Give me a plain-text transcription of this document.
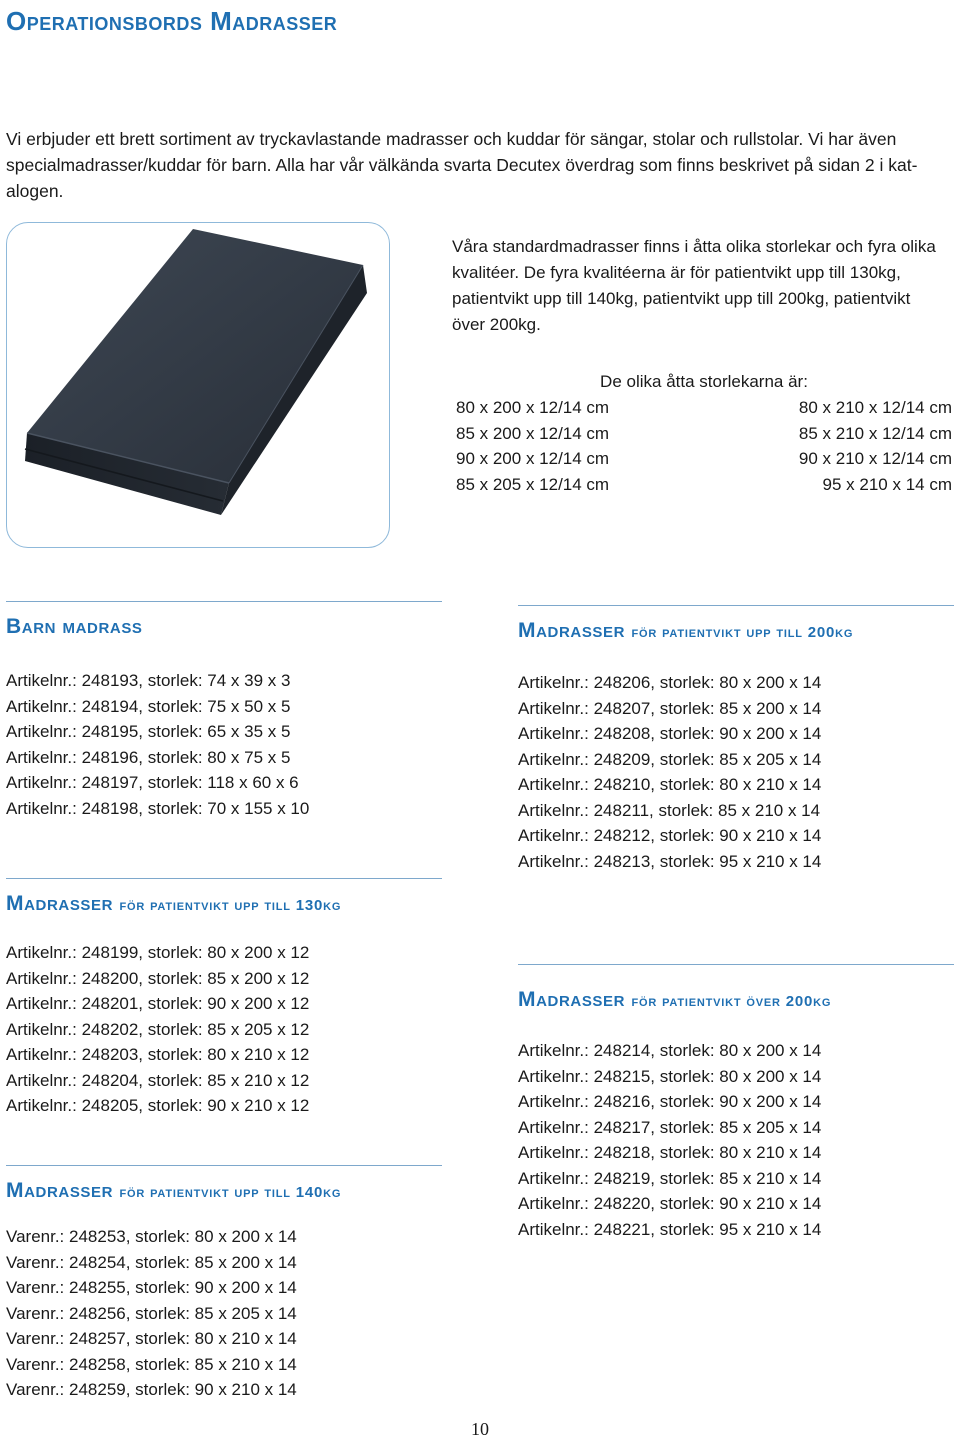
Operationsbords Madrasser

Vi erbjuder ett brett sortiment av tryckavlastande madrasser och kuddar för sängar, stolar och rullstolar. Vi har även specialmadrasser/kuddar för barn. Alla har vår välkända svarta Decutex överdrag som finns beskrivet på sidan 2 i kat-alogen.

Våra standardmadrasser finns i åtta olika storlekar och fyra olika kvalitéer. De fyra kvalitéerna är för patientvikt upp till 130kg, patientvikt upp till 140kg, patientvikt upp till 200kg, patientvikt över 200kg.

De olika åtta storlekarna är:

80 x 200 x 12/14 cm	80 x 210 x 12/14 cm
85 x 200 x 12/14 cm	85 x 210 x 12/14 cm
90 x 200 x 12/14 cm	90 x 210 x 12/14 cm
85 x 205 x 12/14 cm	95 x 210 x 14 cm
Barn madrass
Artikelnr.: 248193, storlek: 74 x 39 x 3
Artikelnr.: 248194, storlek: 75 x 50 x 5
Artikelnr.: 248195, storlek: 65 x 35 x 5
Artikelnr.: 248196, storlek: 80 x 75 x 5
Artikelnr.: 248197, storlek: 118 x 60 x 6
Artikelnr.: 248198, storlek: 70 x 155 x 10
Madrasser för patientvikt upp till 200kg
Artikelnr.: 248206, storlek: 80 x 200 x 14
Artikelnr.: 248207, storlek: 85 x 200 x 14
Artikelnr.: 248208, storlek: 90 x 200 x 14
Artikelnr.: 248209, storlek: 85 x 205 x 14
Artikelnr.: 248210, storlek: 80 x 210 x 14
Artikelnr.: 248211, storlek: 85 x 210 x 14
Artikelnr.: 248212, storlek: 90 x 210 x 14
Artikelnr.: 248213, storlek: 95 x 210 x 14
Madrasser för patientvikt upp till 130kg
Artikelnr.: 248199, storlek: 80 x 200 x 12
Artikelnr.: 248200, storlek: 85 x 200 x 12
Artikelnr.: 248201, storlek: 90 x 200 x 12
Artikelnr.: 248202, storlek: 85 x 205 x 12
Artikelnr.: 248203, storlek: 80 x 210 x 12
Artikelnr.: 248204, storlek: 85 x 210 x 12
Artikelnr.: 248205, storlek: 90 x 210 x 12
Madrasser för patientvikt över 200kg
Artikelnr.: 248214, storlek: 80 x 200 x 14
Artikelnr.: 248215, storlek: 80 x 200 x 14
Artikelnr.: 248216, storlek: 90 x 200 x 14
Artikelnr.: 248217, storlek: 85 x 205 x 14
Artikelnr.: 248218, storlek: 80 x 210 x 14
Artikelnr.: 248219, storlek: 85 x 210 x 14
Artikelnr.: 248220, storlek: 90 x 210 x 14
Artikelnr.: 248221, storlek: 95 x 210 x 14
Madrasser för patientvikt upp till 140kg
Varenr.: 248253, storlek: 80 x 200 x 14
Varenr.: 248254, storlek: 85 x 200 x 14
Varenr.: 248255, storlek: 90 x 200 x 14
Varenr.: 248256, storlek: 85 x 205 x 14
Varenr.: 248257, storlek: 80 x 210 x 14
Varenr.: 248258, storlek: 85 x 210 x 14
Varenr.: 248259, storlek: 90 x 210 x 14
10
